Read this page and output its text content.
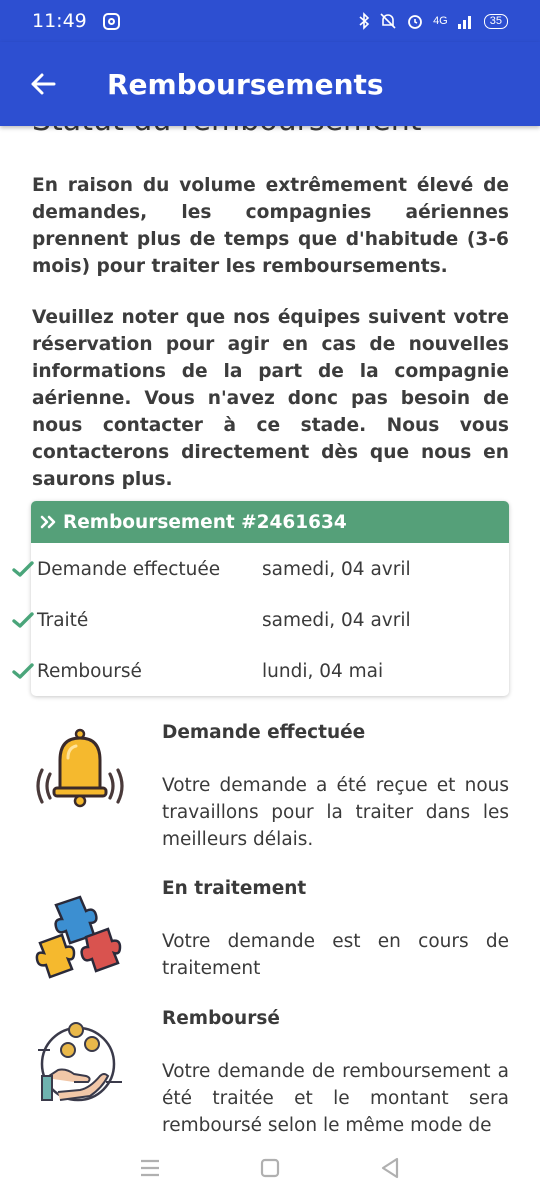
11:49	4G	35
Remboursements
En raison du volume extrêmement élevé de demandes, les compagnies aériennes prennent plus de temps que d'habitude (3-6 mois) pour traiter les remboursements.
Veuillez noter que nos équipes suivent votre réservation pour agir en cas de nouvelles informations de la part de la compagnie aérienne. Vous n'avez donc pas besoin de nous contacter à ce stade. Nous vous contacterons directement dès que nous en saurons plus.
Remboursement #2461634
Demande effectuée	samedi, 04 avril
Traité	samedi, 04 avril
Remboursé	lundi, 04 mai
Demande effectuée
Votre demande a été reçue et nous travaillons pour la traiter dans les meilleurs délais.
En traitement
Votre demande est en cours de traitement
Remboursé
Votre demande de remboursement a été traitée et le montant sera remboursé selon le même mode de
